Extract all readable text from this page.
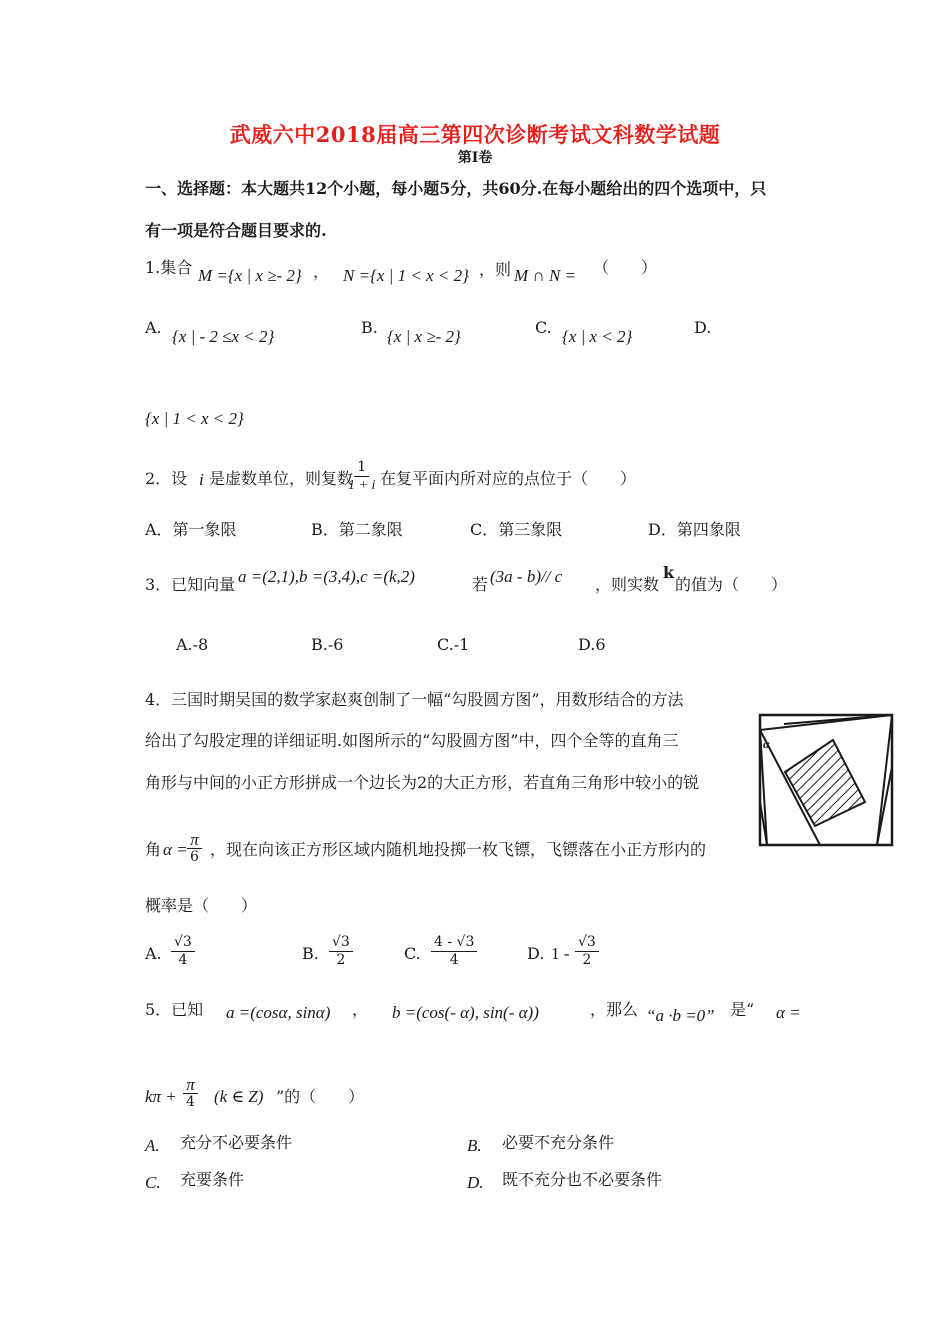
武威六中2018届高三第四次诊断考试文科数学试题
第Ⅰ卷
一、选择题：本大题共12个小题，每小题5分，共60分.在每小题给出的四个选项中，只
有一项是符合题目要求的.
1.集合 M ={x | x ≥- 2} ， N ={x | 1 < x < 2} ，则 M ∩ N = （　　）
A. {x | - 2 ≤x < 2}	B. {x | x ≥- 2}	C. {x | x < 2}	D.
{x | 1 < x < 2}
2．设 i 是虚数单位，则复数
$\frac{1}{1 + i}$ 在复平面内所对应的点位于（　　）
A．第一象限	B．第二象限	C．第三象限	D．第四象限
3．已知向量 a =(2,1),b =(3,4),c =(k,2)	若 (3a - b)// c ，则实数
k
的值为（　　）
A.-8	B.-6	C.-1	D.6
4．三国时期吴国的数学家赵爽创制了一幅“勾股圆方图”，用数形结合的方法
给出了勾股定理的详细证明.如图所示的“勾股圆方图”中，四个全等的直角三
角形与中间的小正方形拼成一个边长为2的大正方形，若直角三角形中较小的锐
角 $\alpha = \frac{\pi}{6}$ ，现在向该正方形区域内随机地投掷一枚飞镖，飞镖落在小正方形内的
概率是（　　）
α
A. $\frac{√3}{4}$	B. $\frac{√3}{2}$	C. $\frac{4 - √3}{4}$	D. $1 - \frac{√3}{2}$
5．已知 a =(cosα, sinα) ， b =(cos(- α), sin(- α))	，那么 “a ·b =0” 是“ α =
$k\pi + \frac{\pi}{4} (k$ ∈ Z) ”的（　　）
A. 充分不必要条件	B. 必要不充分条件
C. 充要条件	D. 既不充分也不必要条件
